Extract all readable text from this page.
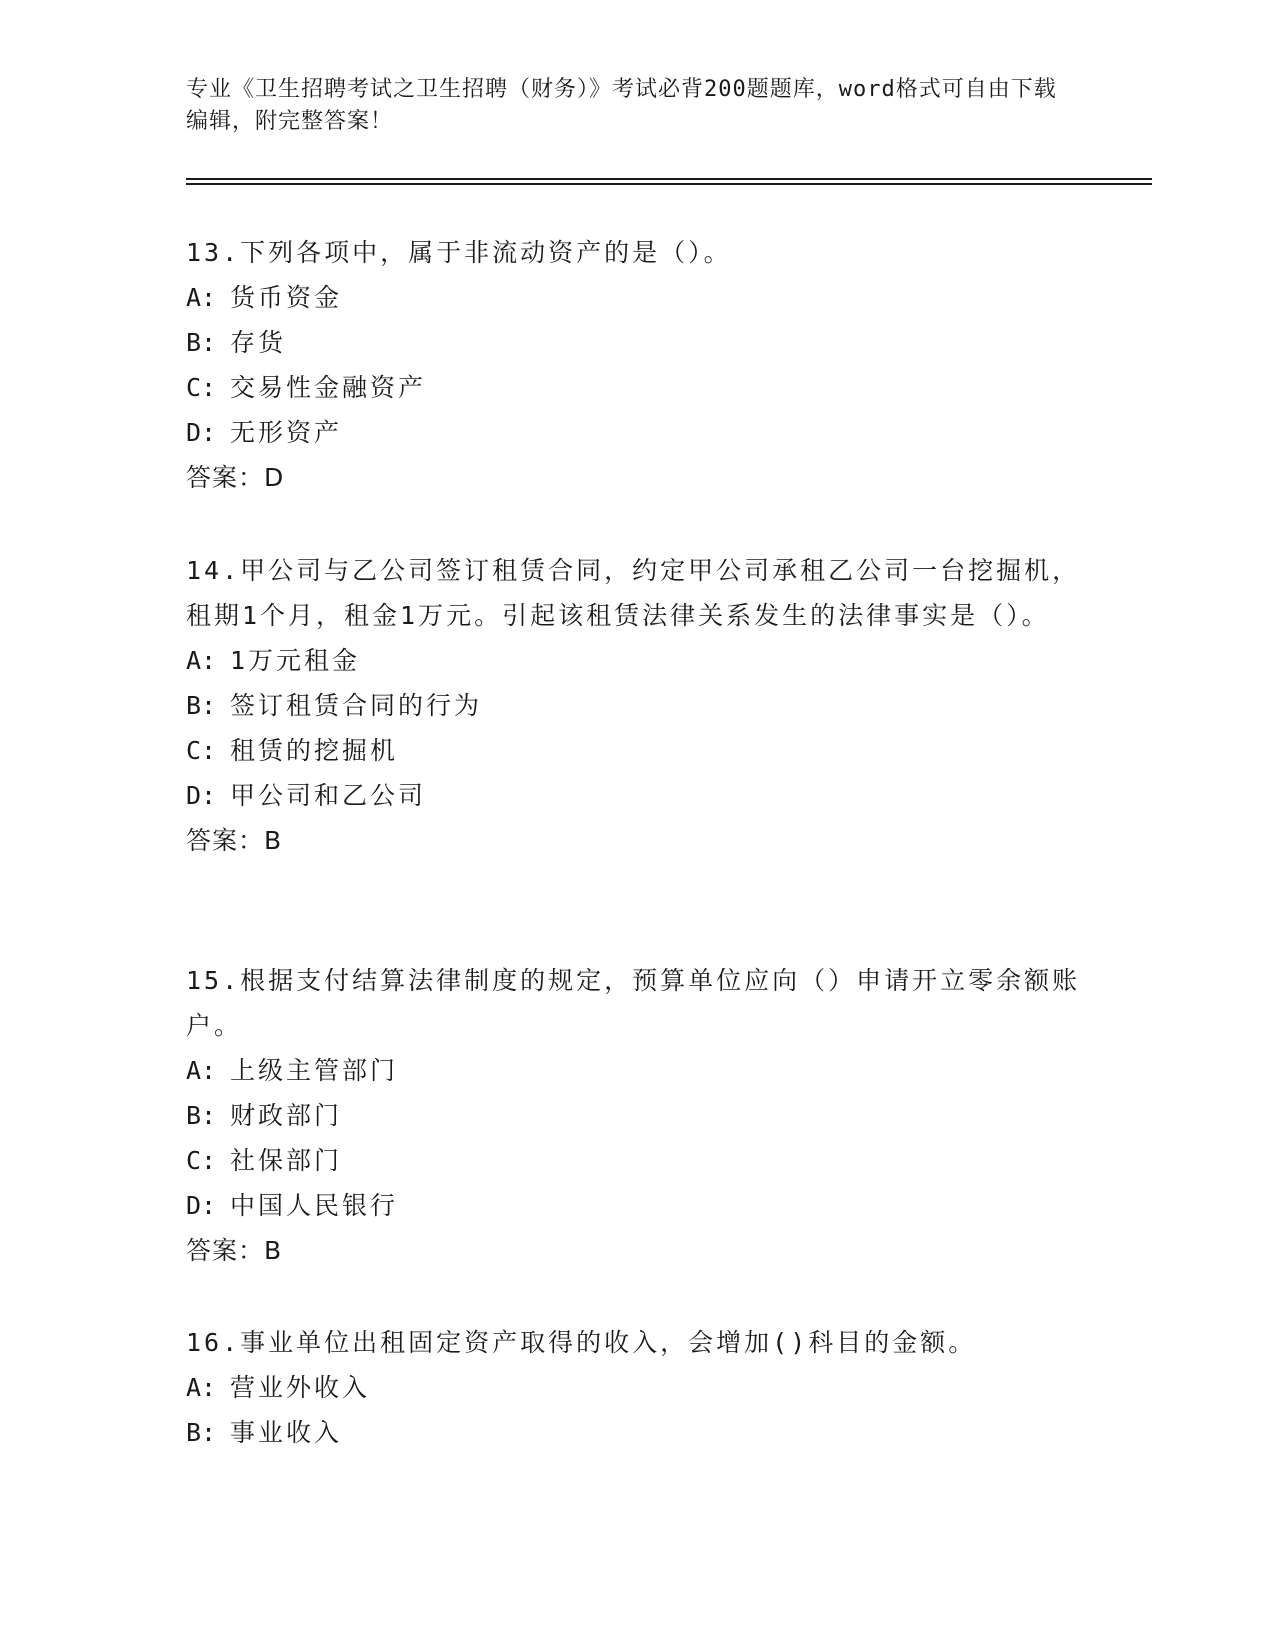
专业《卫生招聘考试之卫生招聘（财务）》考试必背200题题库，word格式可自由下载编辑，附完整答案！

13.下列各项中，属于非流动资产的是（）。

A: 货币资金

B: 存货

C: 交易性金融资产

D: 无形资产

答案：D

14.甲公司与乙公司签订租赁合同，约定甲公司承租乙公司一台挖掘机，租期1个月，租金1万元。引起该租赁法律关系发生的法律事实是（）。

A: 1万元租金

B: 签订租赁合同的行为

C: 租赁的挖掘机

D: 甲公司和乙公司

答案：B

15.根据支付结算法律制度的规定，预算单位应向（）申请开立零余额账户。

A: 上级主管部门

B: 财政部门

C: 社保部门

D: 中国人民银行

答案：B

16.事业单位出租固定资产取得的收入，会增加()科目的金额。

A: 营业外收入

B: 事业收入
